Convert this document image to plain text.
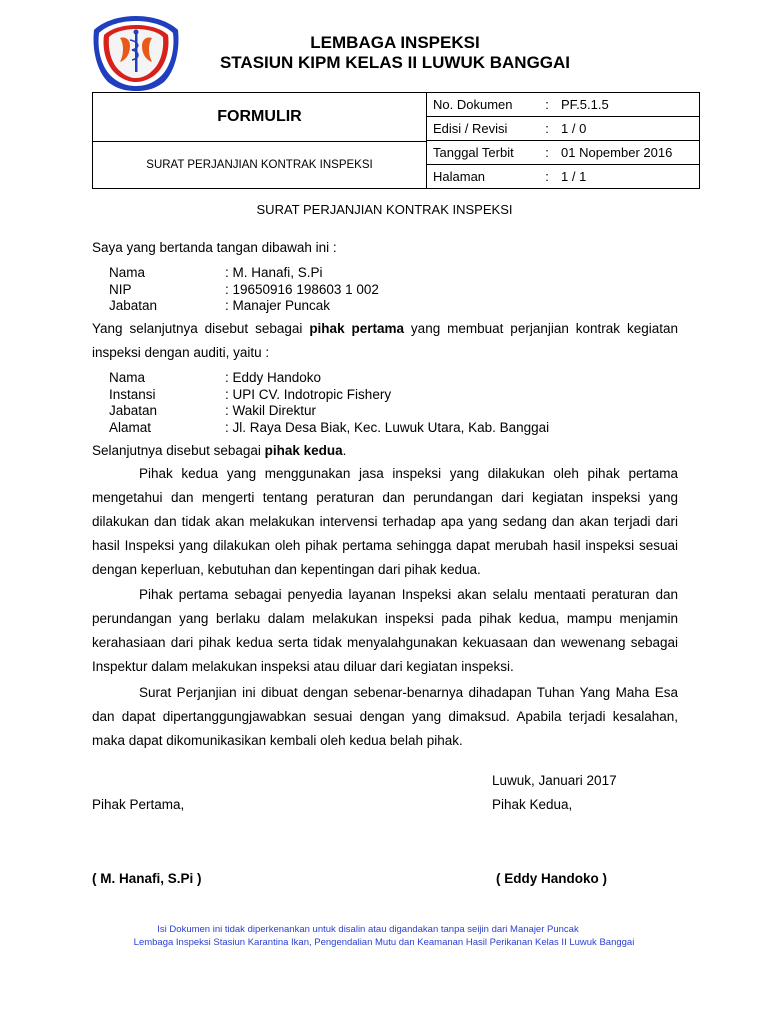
LEMBAGA INSPEKSI
STASIUN KIPM KELAS II LUWUK BANGGAI
FORMULIR	
No. Dokumen	: PF.5.1.5
Edisi / Revisi	: 1 / 0
Tanggal Terbit	: 01 Nopember 2016
Halaman	: 1 / 1

SURAT PERJANJIAN KONTRAK INSPEKSI
SURAT PERJANJIAN KONTRAK INSPEKSI
Saya yang bertanda tangan dibawah ini :
Nama	: M. Hanafi, S.Pi
NIP	: 19650916 198603 1 002
Jabatan	: Manajer Puncak
Yang selanjutnya disebut sebagai pihak pertama yang membuat perjanjian kontrak kegiatan inspeksi dengan auditi, yaitu :
Nama	: Eddy Handoko
Instansi	: UPI CV. Indotropic Fishery
Jabatan	: Wakil Direktur
Alamat	: Jl. Raya Desa Biak, Kec. Luwuk Utara, Kab. Banggai
Selanjutnya disebut sebagai pihak kedua.
Pihak kedua yang menggunakan jasa inspeksi yang dilakukan oleh pihak pertama mengetahui dan mengerti tentang peraturan dan perundangan dari kegiatan inspeksi yang dilakukan dan tidak akan melakukan intervensi terhadap apa yang sedang dan akan terjadi dari hasil Inspeksi yang dilakukan oleh pihak pertama sehingga dapat merubah hasil inspeksi sesuai dengan keperluan, kebutuhan dan kepentingan dari pihak kedua.
Pihak pertama sebagai penyedia layanan Inspeksi akan selalu mentaati peraturan dan perundangan yang berlaku dalam melakukan inspeksi pada pihak kedua, mampu menjamin kerahasiaan dari pihak kedua serta tidak menyalahgunakan kekuasaan dan wewenang sebagai Inspektur dalam melakukan inspeksi atau diluar dari kegiatan inspeksi.
Surat Perjanjian ini dibuat dengan sebenar-benarnya dihadapan Tuhan Yang Maha Esa dan dapat dipertanggungjawabkan sesuai dengan yang dimaksud. Apabila terjadi kesalahan, maka dapat dikomunikasikan kembali oleh kedua belah pihak.
Luwuk, Januari 2017
Pihak Pertama,	Pihak Kedua,
( M. Hanafi, S.Pi )	( Eddy Handoko )
Isi Dokumen ini tidak diperkenankan untuk disalin atau digandakan tanpa seijin dari Manajer Puncak
Lembaga Inspeksi Stasiun Karantina Ikan, Pengendalian Mutu dan Keamanan Hasil Perikanan Kelas II Luwuk Banggai
